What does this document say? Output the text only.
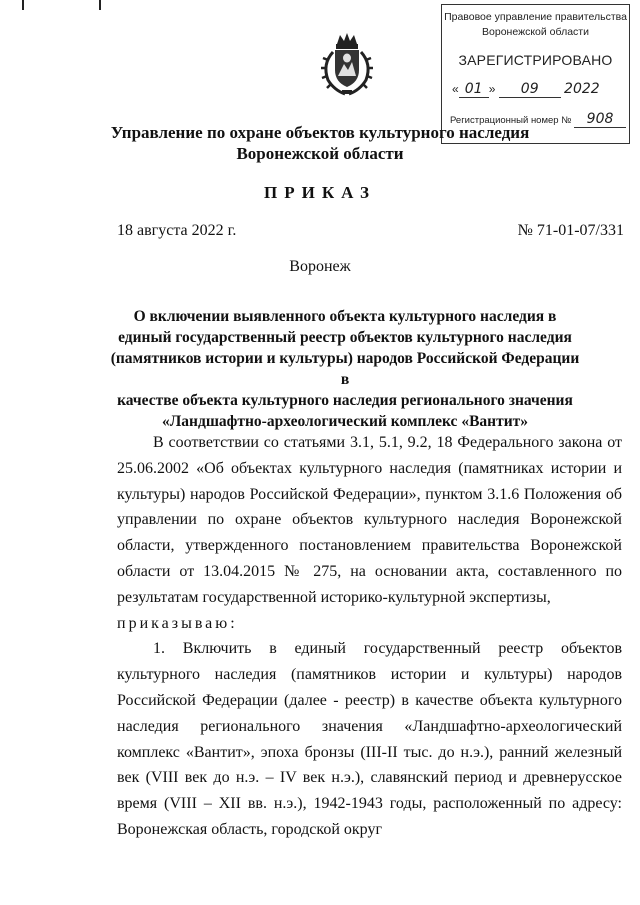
Правовое управление правительства
Воронежской области
ЗАРЕГИСТРИРОВАНО
« 01 » 09 2022
Регистрационный номер № 908
Управление по охране объектов культурного наследия
Воронежской области
ПРИКАЗ
18 августа 2022 г.	№ 71-01-07/331
Воронеж
О включении выявленного объекта культурного наследия в
единый государственный реестр объектов культурного наследия
(памятников истории и культуры) народов Российской Федерации в
качестве объекта культурного наследия регионального значения
«Ландшафтно-археологический комплекс «Вантит»

В соответствии со статьями 3.1, 5.1, 9.2, 18 Федерального закона от 25.06.2002 «Об объектах культурного наследия (памятниках истории и культуры) народов Российской Федерации», пунктом 3.1.6 Положения об управлении по охране объектов культурного наследия Воронежской области, утвержденного постановлением правительства Воронежской области от 13.04.2015 № 275, на основании акта, составленного по результатам государственной историко-культурной экспертизы,

приказываю:

1. Включить в единый государственный реестр объектов культурного наследия (памятников истории и культуры) народов Российской Федерации (далее - реестр) в качестве объекта культурного наследия регионального значения «Ландшафтно-археологический комплекс «Вантит», эпоха бронзы (III-II тыс. до н.э.), ранний железный век (VIII век до н.э. – IV век н.э.), славянский период и древнерусское время (VIII – XII вв. н.э.), 1942-1943 годы, расположенный по адресу: Воронежская область, городской округ
